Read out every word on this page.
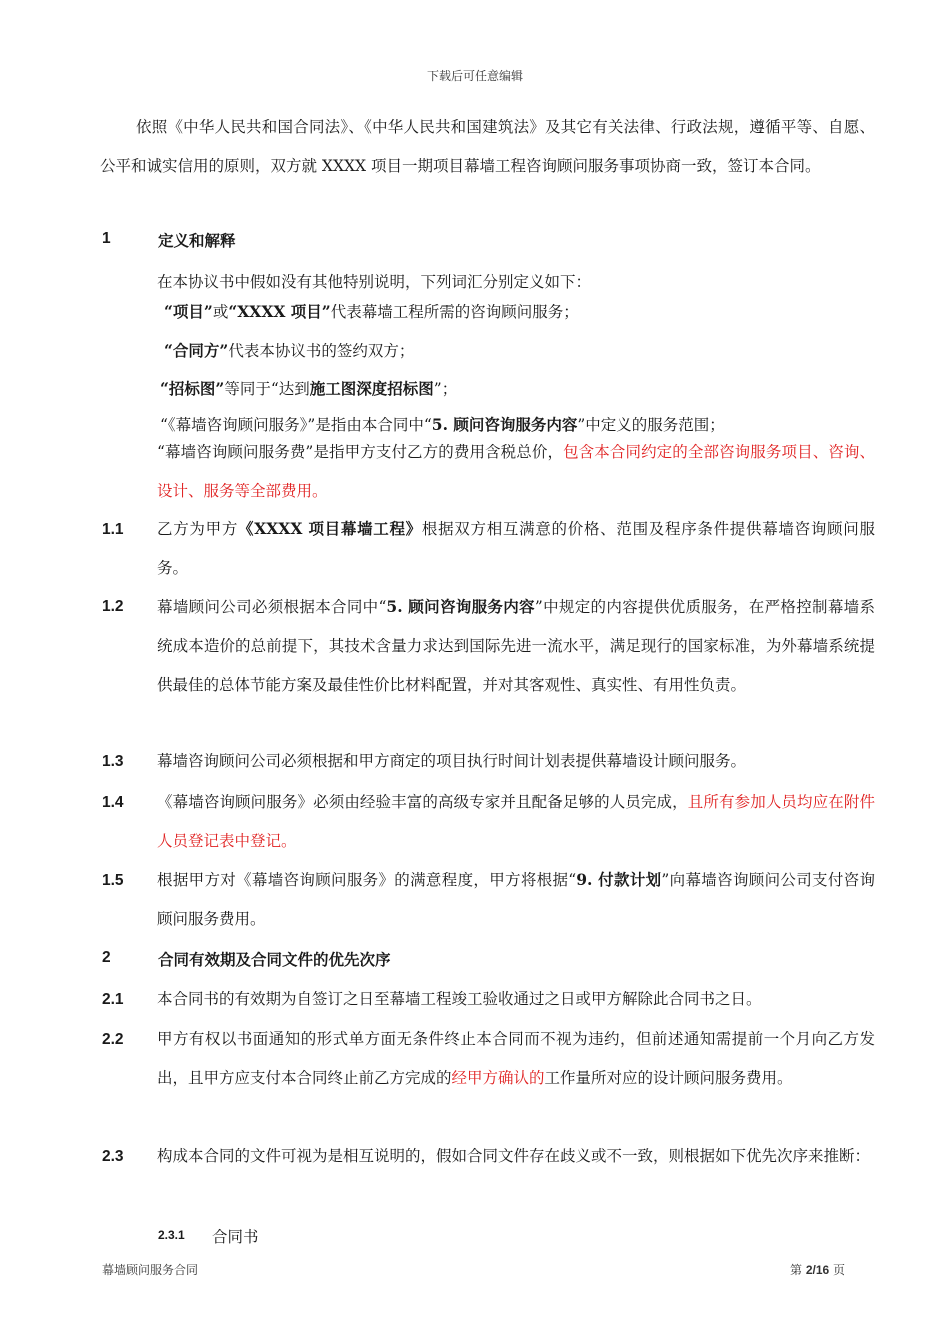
下载后可任意编辑
依照《中华人民共和国合同法》、《中华人民共和国建筑法》及其它有关法律、行政法规，遵循平等、自愿、公平和诚实信用的原则，双方就 XXXX 项目一期项目幕墙工程咨询顾问服务事项协商一致，签订本合同。
1	定义和解释
在本协议书中假如没有其他特别说明，下列词汇分别定义如下：
“项目”或“XXXX 项目”代表幕墙工程所需的咨询顾问服务；
“合同方”代表本协议书的签约双方；
“招标图”等同于“达到施工图深度招标图”；
“《幕墙咨询顾问服务》”是指由本合同中“5. 顾问咨询服务内容”中定义的服务范围；
“幕墙咨询顾问服务费”是指甲方支付乙方的费用含税总价，包含本合同约定的全部咨询服务项目、咨询、设计、服务等全部费用。
1.1 乙方为甲方《XXXX 项目幕墙工程》根据双方相互满意的价格、范围及程序条件提供幕墙咨询顾问服务。
1.2 幕墙顾问公司必须根据本合同中“5. 顾问咨询服务内容”中规定的内容提供优质服务，在严格控制幕墙系统成本造价的总前提下，其技术含量力求达到国际先进一流水平，满足现行的国家标准，为外幕墙系统提供最佳的总体节能方案及最佳性价比材料配置，并对其客观性、真实性、有用性负责。
1.3 幕墙咨询顾问公司必须根据和甲方商定的项目执行时间计划表提供幕墙设计顾问服务。
1.4 《幕墙咨询顾问服务》必须由经验丰富的高级专家并且配备足够的人员完成，且所有参加人员均应在附件人员登记表中登记。
1.5 根据甲方对《幕墙咨询顾问服务》的满意程度，甲方将根据“9. 付款计划”向幕墙咨询顾问公司支付咨询顾问服务费用。
2	合同有效期及合同文件的优先次序
2.1 本合同书的有效期为自签订之日至幕墙工程竣工验收通过之日或甲方解除此合同书之日。
2.2 甲方有权以书面通知的形式单方面无条件终止本合同而不视为违约，但前述通知需提前一个月向乙方发出，且甲方应支付本合同终止前乙方完成的经甲方确认的工作量所对应的设计顾问服务费用。
2.3 构成本合同的文件可视为是相互说明的，假如合同文件存在歧义或不一致，则根据如下优先次序来推断：
2.3.1 合同书
幕墙顾问服务合同	第 2/16 页
